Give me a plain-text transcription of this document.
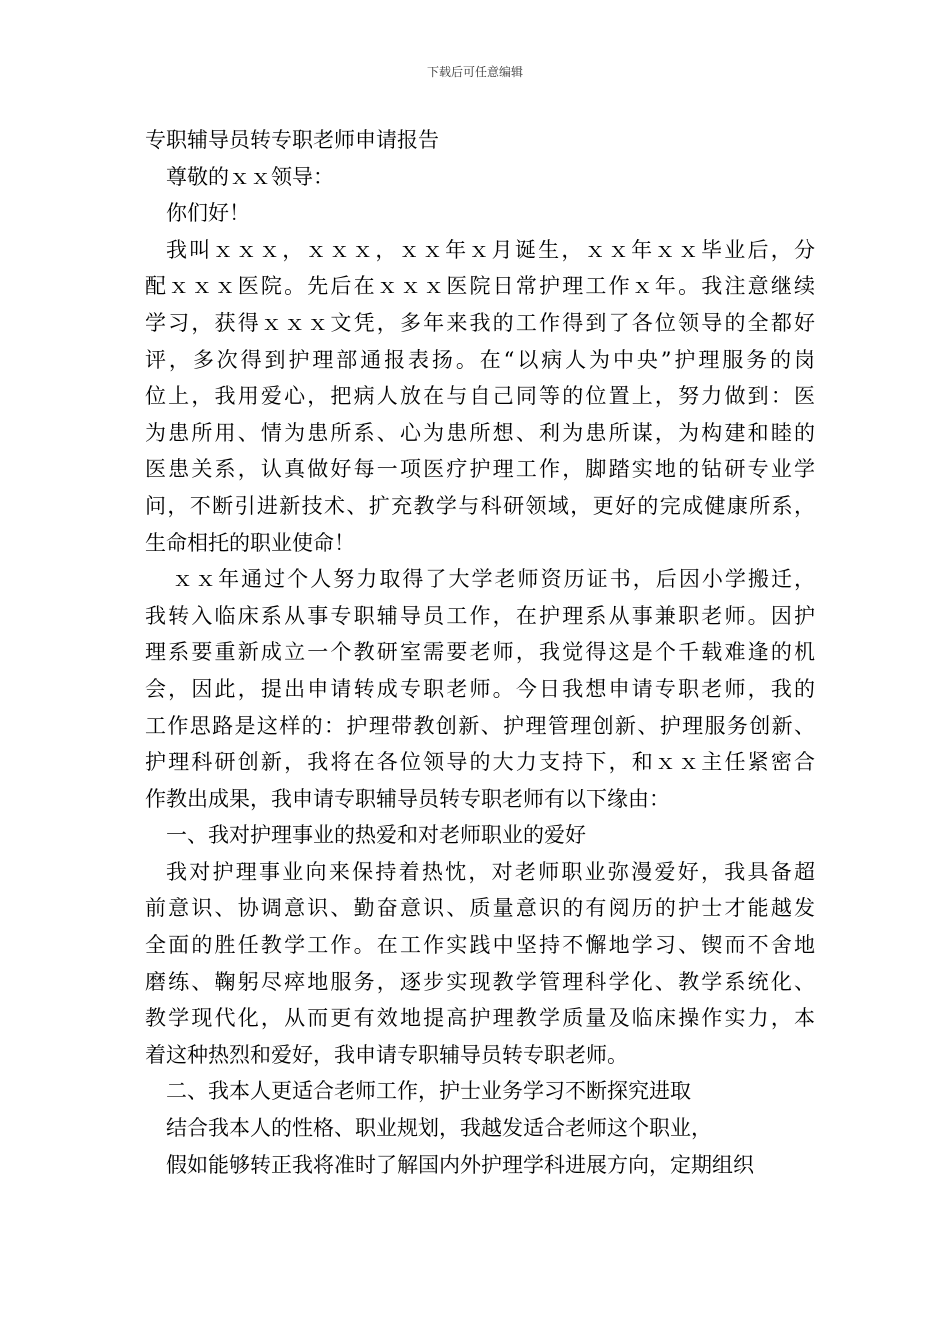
下载后可任意编辑
专职辅导员转专职老师申请报告
尊敬的ｘｘ领导：
你们好！
我叫ｘｘｘ，ｘｘｘ，ｘｘ年ｘ月诞生，ｘｘ年ｘｘ毕业后，分
配ｘｘｘ医院。先后在ｘｘｘ医院日常护理工作ｘ年。我注意继续
学习，获得ｘｘｘ文凭，多年来我的工作得到了各位领导的全都好
评，多次得到护理部通报表扬。在“以病人为中央”护理服务的岗
位上，我用爱心，把病人放在与自己同等的位置上，努力做到：医
为患所用、情为患所系、心为患所想、利为患所谋，为构建和睦的
医患关系，认真做好每一项医疗护理工作，脚踏实地的钻研专业学
问，不断引进新技术、扩充教学与科研领域，更好的完成健康所系，
生命相托的职业使命！
ｘｘ年通过个人努力取得了大学老师资历证书，后因小学搬迁，
我转入临床系从事专职辅导员工作，在护理系从事兼职老师。因护
理系要重新成立一个教研室需要老师，我觉得这是个千载难逢的机
会，因此，提出申请转成专职老师。今日我想申请专职老师，我的
工作思路是这样的：护理带教创新、护理管理创新、护理服务创新、
护理科研创新，我将在各位领导的大力支持下，和ｘｘ主任紧密合
作教出成果，我申请专职辅导员转专职老师有以下缘由：
一、我对护理事业的热爱和对老师职业的爱好
我对护理事业向来保持着热忱，对老师职业弥漫爱好，我具备超
前意识、协调意识、勤奋意识、质量意识的有阅历的护士才能越发
全面的胜任教学工作。在工作实践中坚持不懈地学习、锲而不舍地
磨练、鞠躬尽瘁地服务，逐步实现教学管理科学化、教学系统化、
教学现代化，从而更有效地提高护理教学质量及临床操作实力，本
着这种热烈和爱好，我申请专职辅导员转专职老师。
二、我本人更适合老师工作，护士业务学习不断探究进取
结合我本人的性格、职业规划，我越发适合老师这个职业，
假如能够转正我将准时了解国内外护理学科进展方向，定期组织
